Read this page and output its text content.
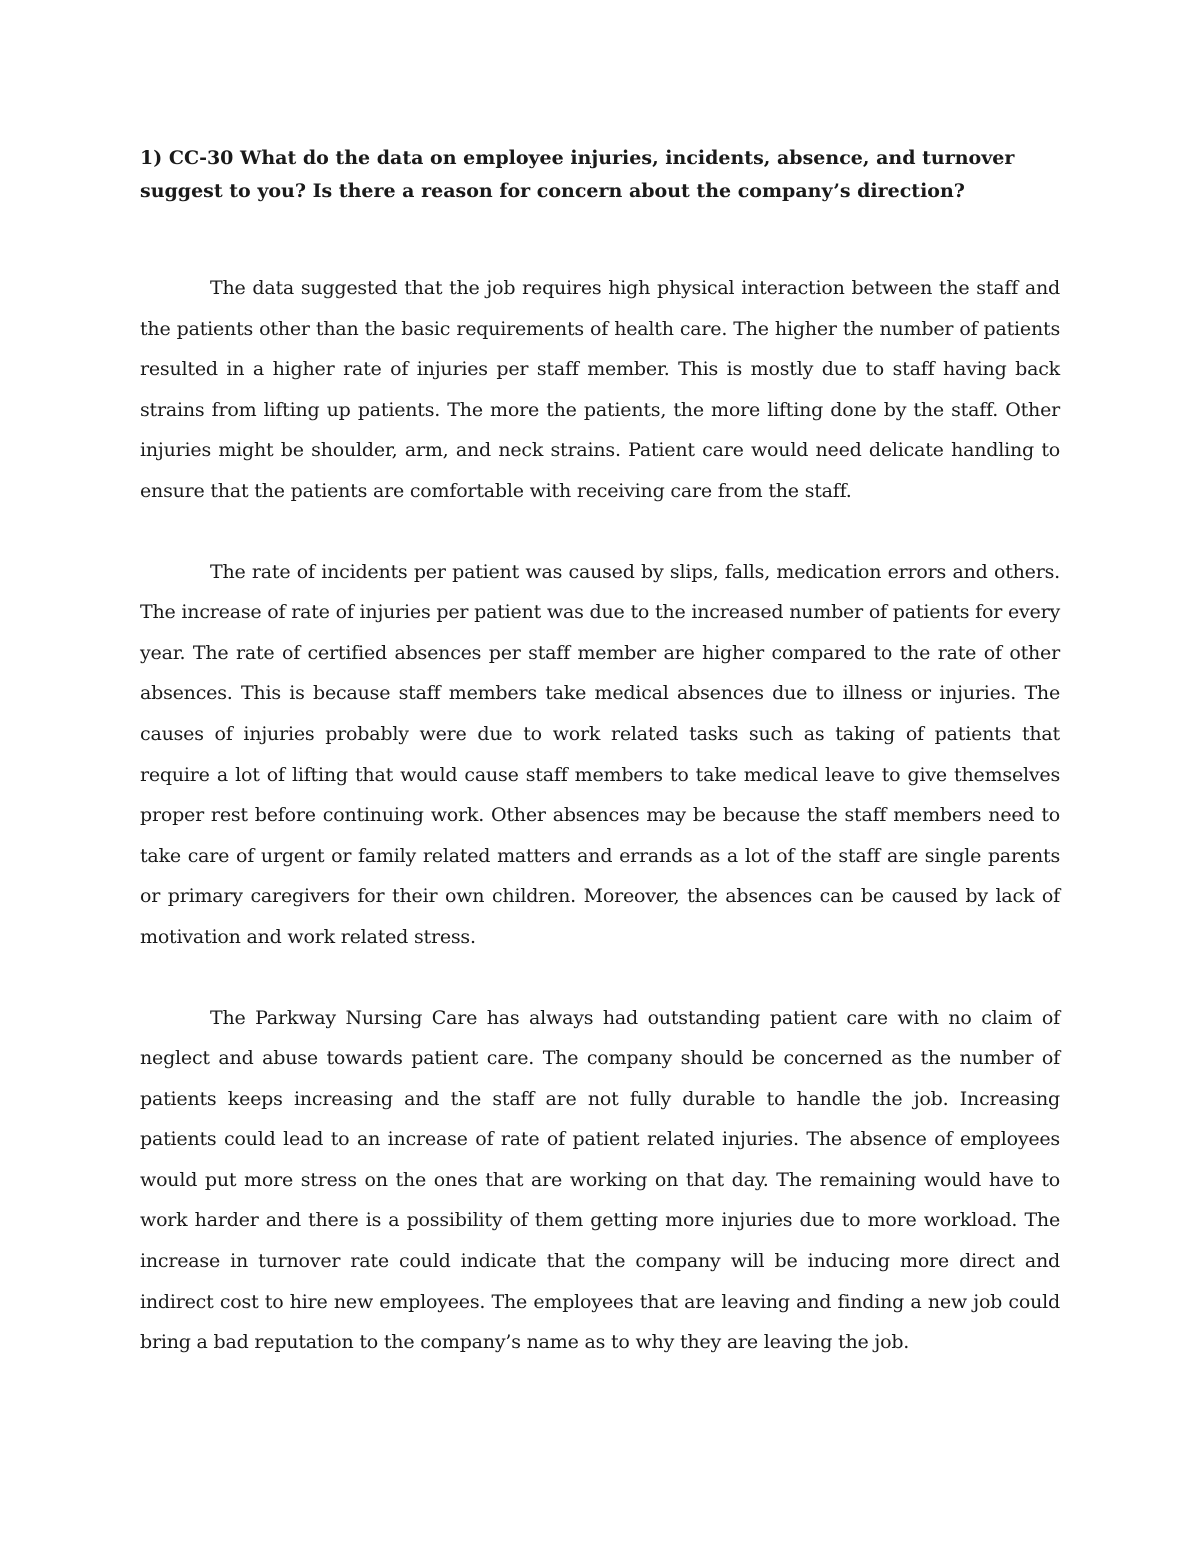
1) CC-30 What do the data on employee injuries, incidents, absence, and turnover suggest to you? Is there a reason for concern about the company’s direction?

The data suggested that the job requires high physical interaction between the staff and the patients other than the basic requirements of health care. The higher the number of patients resulted in a higher rate of injuries per staff member. This is mostly due to staff having back strains from lifting up patients. The more the patients, the more lifting done by the staff. Other injuries might be shoulder, arm, and neck strains. Patient care would need delicate handling to ensure that the patients are comfortable with receiving care from the staff.

The rate of incidents per patient was caused by slips, falls, medication errors and others. The increase of rate of injuries per patient was due to the increased number of patients for every year. The rate of certified absences per staff member are higher compared to the rate of other absences. This is because staff members take medical absences due to illness or injuries. The causes of injuries probably were due to work related tasks such as taking of patients that require a lot of lifting that would cause staff members to take medical leave to give themselves proper rest before continuing work. Other absences may be because the staff members need to take care of urgent or family related matters and errands as a lot of the staff are single parents or primary caregivers for their own children. Moreover, the absences can be caused by lack of motivation and work related stress.

The Parkway Nursing Care has always had outstanding patient care with no claim of neglect and abuse towards patient care. The company should be concerned as the number of patients keeps increasing and the staff are not fully durable to handle the job. Increasing patients could lead to an increase of rate of patient related injuries. The absence of employees would put more stress on the ones that are working on that day. The remaining would have to work harder and there is a possibility of them getting more injuries due to more workload. The increase in turnover rate could indicate that the company will be inducing more direct and indirect cost to hire new employees. The employees that are leaving and finding a new job could bring a bad reputation to the company’s name as to why they are leaving the job.
